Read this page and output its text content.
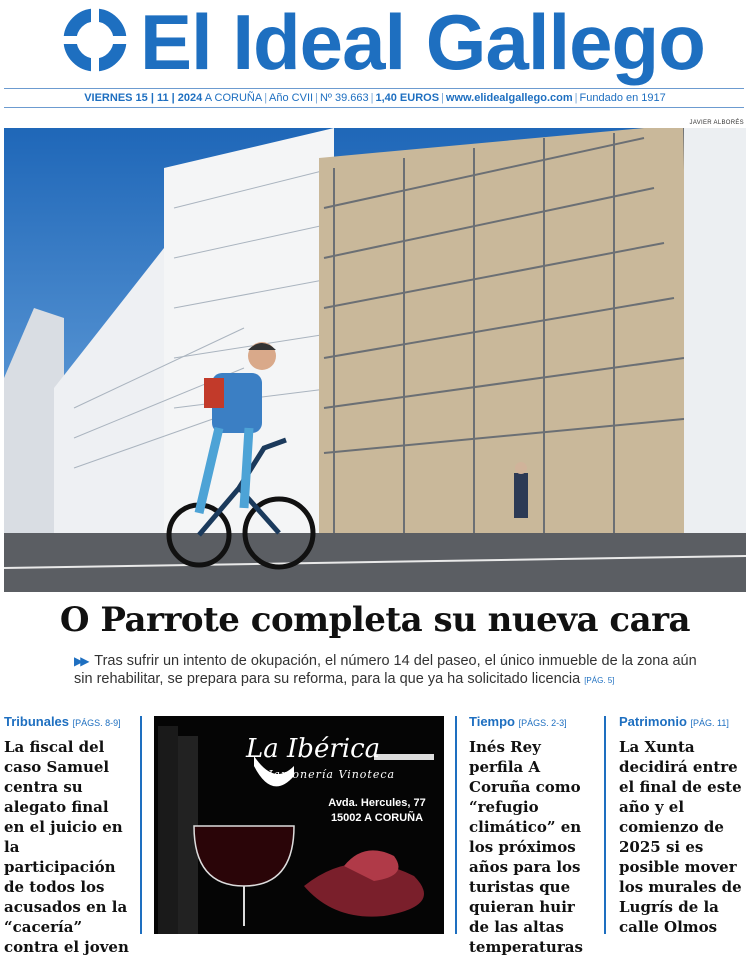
El Ideal Gallego
VIERNES 15 | 11 | 2024 A CORUÑA | Año CVII | Nº 39.663 | 1,40 EUROS | www.elidealgallego.com | Fundado en 1917
JAVIER ALBORÉS
O Parrote completa su nueva cara
▶▶ Tras sufrir un intento de okupación, el número 14 del paseo, el único inmueble de la zona aún sin rehabilitar, se prepara para su reforma, para la que ya ha solicitado licencia [PÁG. 5]
Tribunales [PÁGS. 8-9]
La fiscal del caso Samuel centra su alegato final en el juicio en la participación de todos los acusados en la “cacería” contra el joven
La Ibérica
Jamonería Vinoteca
Avda. Hercules, 77
15002 A CORUÑA
Tiempo [PÁGS. 2-3]
Inés Rey perfila A Coruña como “refugio climático” en los próximos años para los turistas que quieran huir de las altas temperaturas
Patrimonio [PÁG. 11]
La Xunta decidirá entre el final de este año y el comienzo de 2025 si es posible mover los murales de Lugrís de la calle Olmos
